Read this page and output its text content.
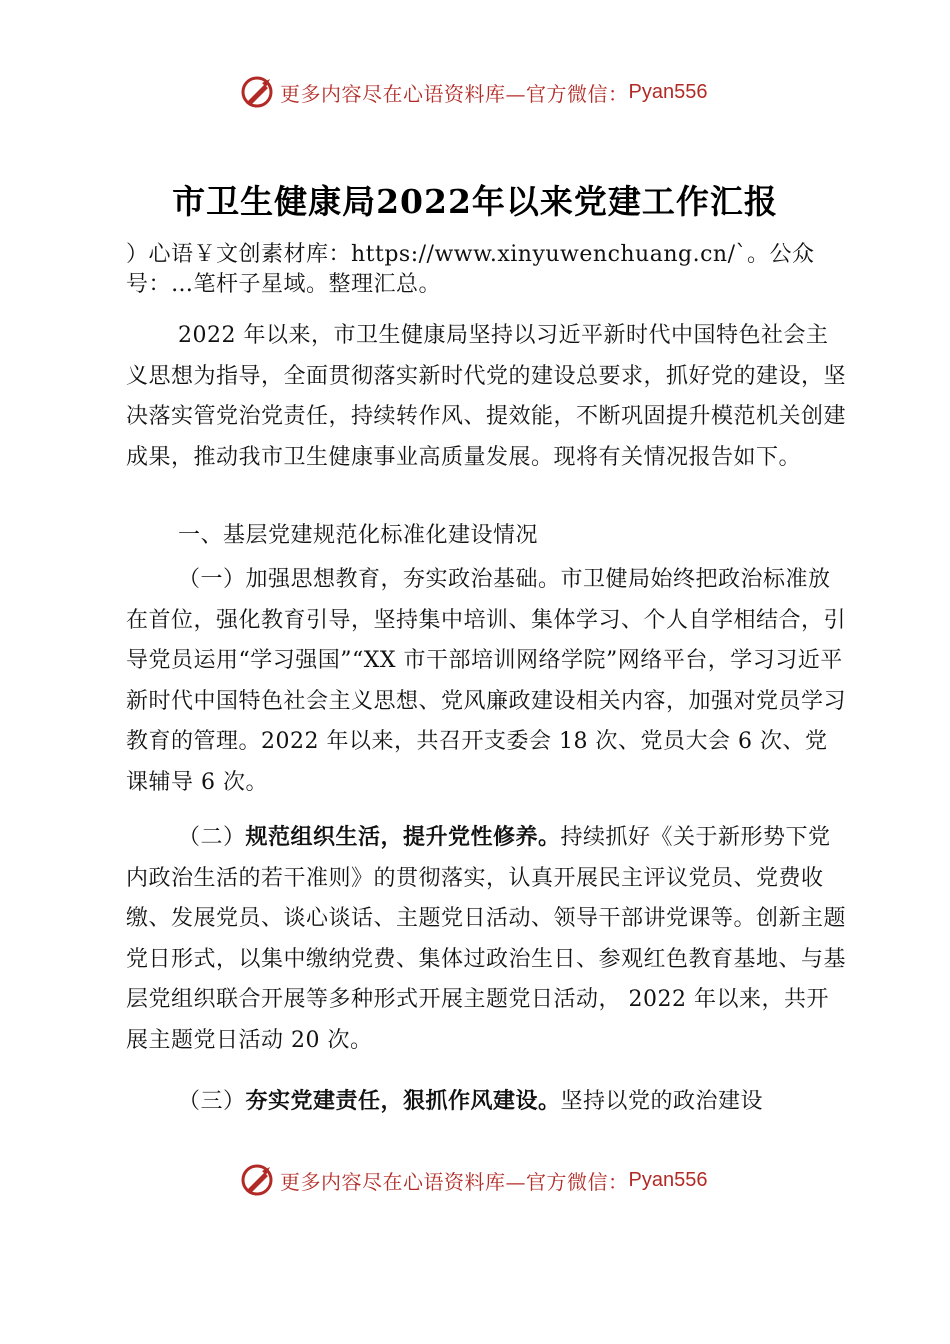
更多内容尽在心语资料库—官方微信： Pyan556
市卫生健康局2022年以来党建工作汇报
）心语￥文创素材库：https://www.xinyuwenchuang.cn/`。公众号：…笔杆子星域。整理汇总。
2022 年以来，市卫生健康局坚持以习近平新时代中国特色社会主义思想为指导，全面贯彻落实新时代党的建设总要求，抓好党的建设，坚决落实管党治党责任，持续转作风、提效能，不断巩固提升模范机关创建成果，推动我市卫生健康事业高质量发展。现将有关情况报告如下。
一、基层党建规范化标准化建设情况
（一）加强思想教育，夯实政治基础。市卫健局始终把政治标准放在首位，强化教育引导，坚持集中培训、集体学习、个人自学相结合，引导党员运用“学习强国”“XX 市干部培训网络学院”网络平台，学习习近平新时代中国特色社会主义思想、党风廉政建设相关内容，加强对党员学习教育的管理。2022 年以来，共召开支委会 18 次、党员大会 6 次、党课辅导 6 次。
（二）规范组织生活，提升党性修养。持续抓好《关于新形势下党内政治生活的若干准则》的贯彻落实，认真开展民主评议党员、党费收缴、发展党员、谈心谈话、主题党日活动、领导干部讲党课等。创新主题党日形式，以集中缴纳党费、集体过政治生日、参观红色教育基地、与基层党组织联合开展等多种形式开展主题党日活动， 2022 年以来，共开展主题党日活动 20 次。
（三）夯实党建责任，狠抓作风建设。坚持以党的政治建设
更多内容尽在心语资料库—官方微信： Pyan556
